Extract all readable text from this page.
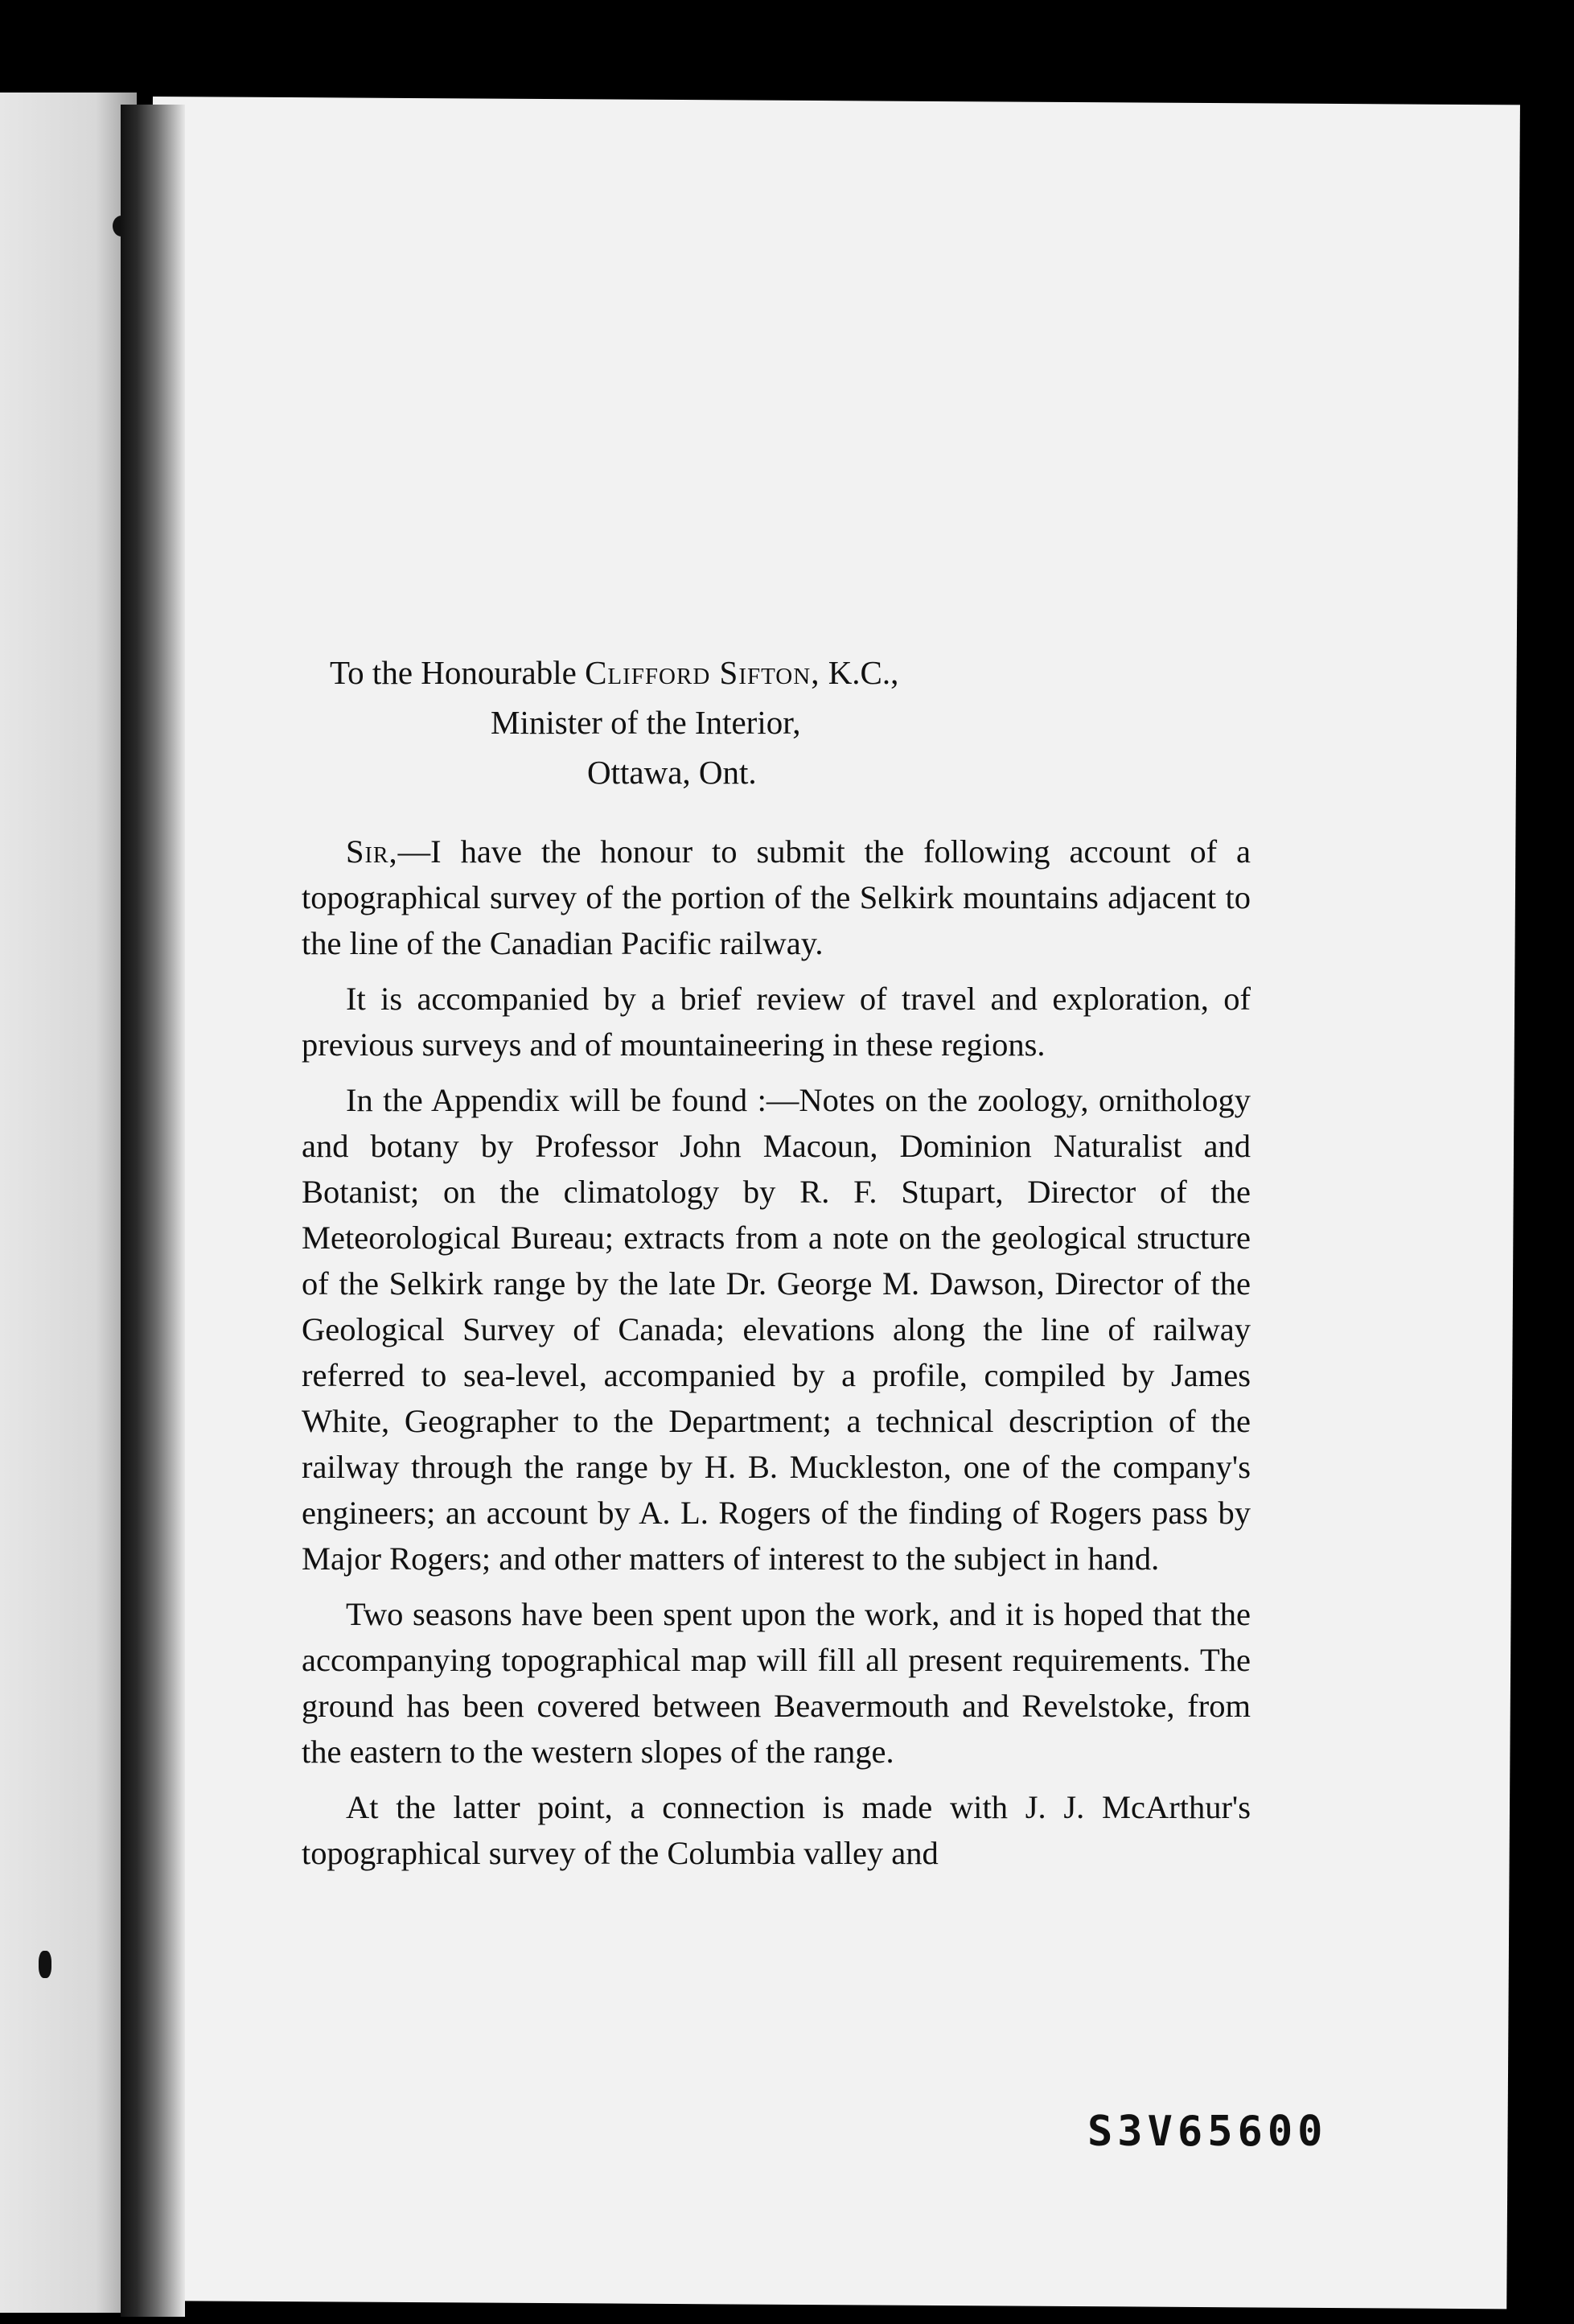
To the Honourable Clifford Sifton, K.C.,
Minister of the Interior,
Ottawa, Ont.

Sir,—I have the honour to submit the following account of a topographical survey of the portion of the Selkirk mountains adjacent to the line of the Canadian Pacific railway.

It is accompanied by a brief review of travel and exploration, of previous surveys and of mountaineering in these regions.

In the Appendix will be found :—Notes on the zoology, ornithology and botany by Professor John Macoun, Dominion Naturalist and Botanist; on the climatology by R. F. Stupart, Director of the Meteorological Bureau; extracts from a note on the geological structure of the Selkirk range by the late Dr. George M. Dawson, Director of the Geological Survey of Canada; elevations along the line of railway referred to sea-level, accompanied by a profile, compiled by James White, Geographer to the Department; a technical description of the railway through the range by H. B. Muckleston, one of the company's engineers; an account by A. L. Rogers of the finding of Rogers pass by Major Rogers; and other matters of interest to the subject in hand.

Two seasons have been spent upon the work, and it is hoped that the accompanying topographical map will fill all present requirements. The ground has been covered between Beavermouth and Revelstoke, from the eastern to the western slopes of the range.

At the latter point, a connection is made with J. J. McArthur's topographical survey of the Columbia valley and

S3V65600
